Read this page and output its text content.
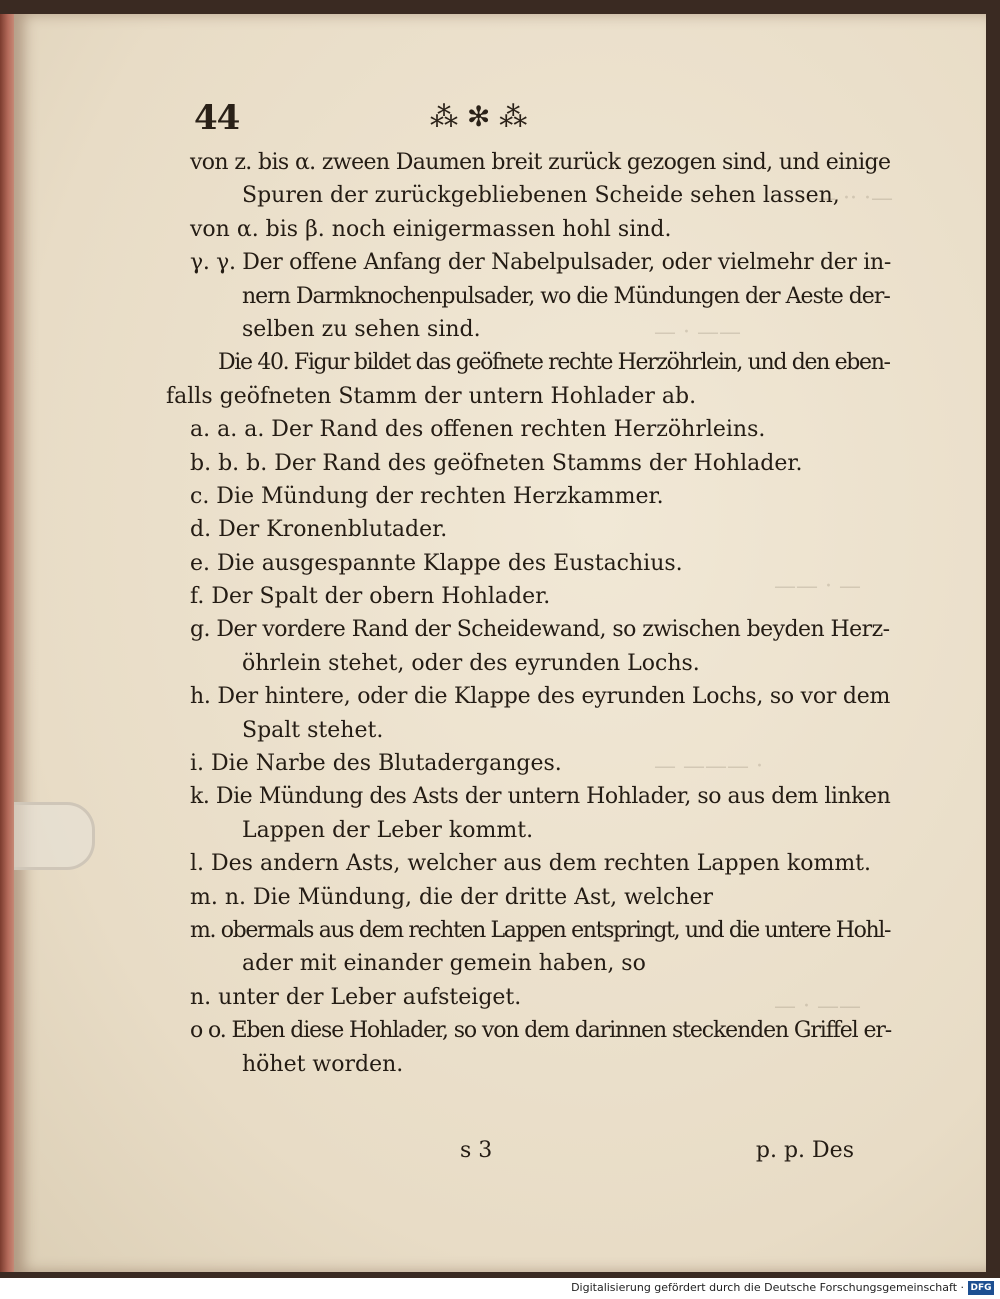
— ·· ·—
— · ——
—— · —
— ——— ·
— · ——
44	⁂ ✻ ⁂
von z. bis α. zween Daumen breit zurück gezogen sind, und einige
Spuren der zurückgebliebenen Scheide sehen lassen,
von α. bis β. noch einigermassen hohl sind.
γ. γ. Der offene Anfang der Nabelpulsader, oder vielmehr der in-
nern Darmknochenpulsader, wo die Mündungen der Aeste der-
selben zu sehen sind.
Die 40. Figur bildet das geöfnete rechte Herzöhrlein, und den eben-
falls geöfneten Stamm der untern Hohlader ab.
a. a. a. Der Rand des offenen rechten Herzöhrleins.
b. b. b. Der Rand des geöfneten Stamms der Hohlader.
c. Die Mündung der rechten Herzkammer.
d. Der Kronenblutader.
e. Die ausgespannte Klappe des Eustachius.
f. Der Spalt der obern Hohlader.
g. Der vordere Rand der Scheidewand, so zwischen beyden Herz-
öhrlein stehet, oder des eyrunden Lochs.
h. Der hintere, oder die Klappe des eyrunden Lochs, so vor dem
Spalt stehet.
i. Die Narbe des Blutaderganges.
k. Die Mündung des Asts der untern Hohlader, so aus dem linken
Lappen der Leber kommt.
l. Des andern Asts, welcher aus dem rechten Lappen kommt.
m. n. Die Mündung, die der dritte Ast, welcher
m. obermals aus dem rechten Lappen entspringt, und die untere Hohl-
ader mit einander gemein haben, so
n. unter der Leber aufsteiget.
o o. Eben diese Hohlader, so von dem darinnen steckenden Griffel er-
höhet worden.
s 3	p. p. Des
Digitalisierung gefördert durch die Deutsche Forschungsgemeinschaft · DFG
